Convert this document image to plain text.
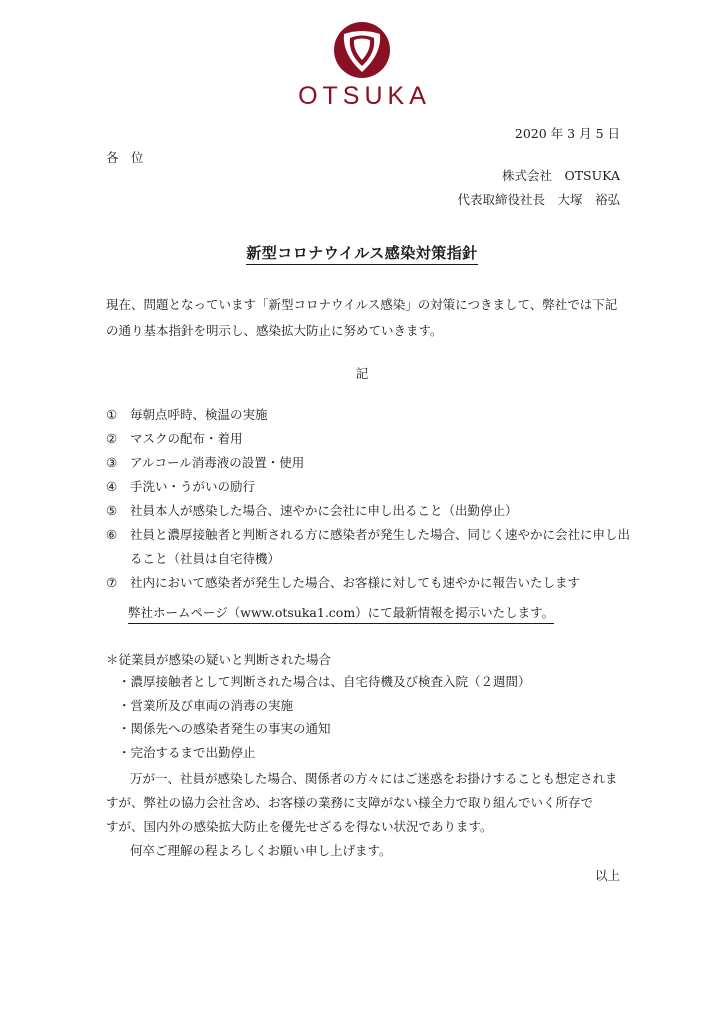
OTSUKA
2020 年 3 月 5 日
各　位
株式会社　OTSUKA
代表取締役社長　大塚　裕弘
新型コロナウイルス感染対策指針
現在、問題となっています「新型コロナウイルス感染」の対策につきまして、弊社では下記の通り基本指針を明示し、感染拡大防止に努めていきます。
記
①	毎朝点呼時、検温の実施
②	マスクの配布・着用
③	アルコール消毒液の設置・使用
④	手洗い・うがいの励行
⑤	社員本人が感染した場合、速やかに会社に申し出ること（出勤停止）
⑥	社員と濃厚接触者と判断される方に感染者が発生した場合、同じく速やかに会社に申し出ること（社員は自宅待機）
⑦	社内において感染者が発生した場合、お客様に対しても速やかに報告いたします
弊社ホームページ（www.otsuka1.com）にて最新情報を掲示いたします。
＊従業員が感染の疑いと判断された場合
・濃厚接触者として判断された場合は、自宅待機及び検査入院（２週間）
・営業所及び車両の消毒の実施
・関係先への感染者発生の事実の通知
・完治するまで出勤停止
万が一、社員が感染した場合、関係者の方々にはご迷惑をお掛けすることも想定されま
すが、弊社の協力会社含め、お客様の業務に支障がない様全力で取り組んでいく所存で
すが、国内外の感染拡大防止を優先せざるを得ない状況であります。
何卒ご理解の程よろしくお願い申し上げます。
以上
